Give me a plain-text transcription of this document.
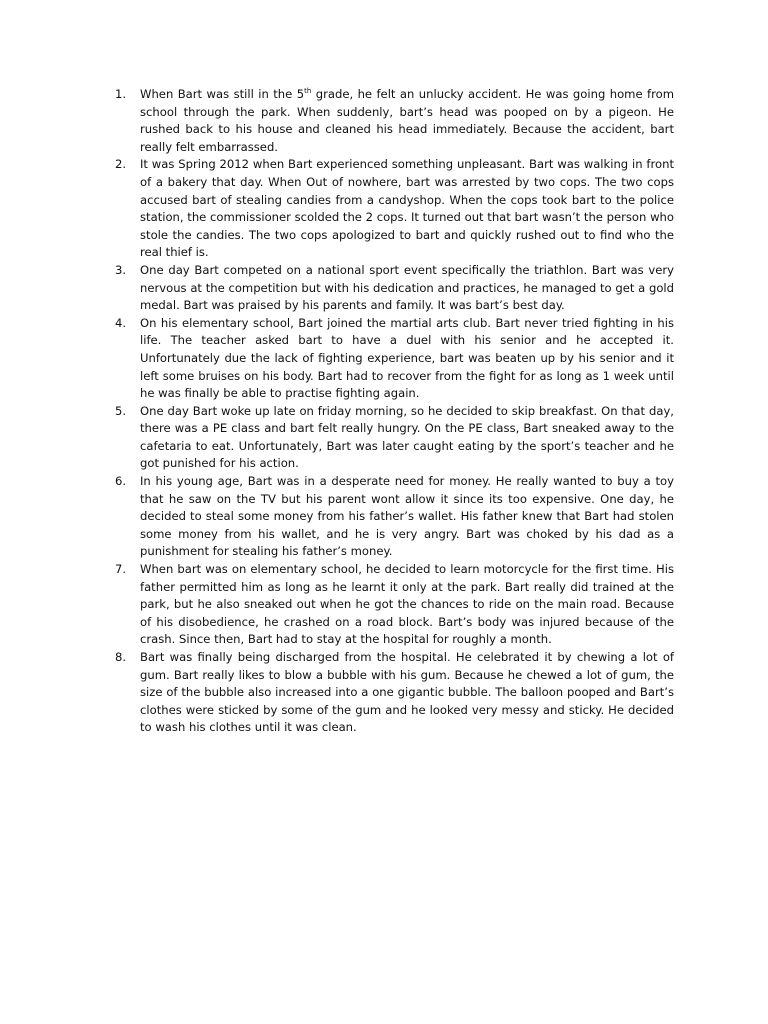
1. When Bart was still in the 5th grade, he felt an unlucky accident. He was going home from school through the park. When suddenly, bart’s head was pooped on by a pigeon. He rushed back to his house and cleaned his head immediately. Because the accident, bart really felt embarrassed.
2. It was Spring 2012 when Bart experienced something unpleasant. Bart was walking in front of a bakery that day. When Out of nowhere, bart was arrested by two cops. The two cops accused bart of stealing candies from a candyshop. When the cops took bart to the police station, the commissioner scolded the 2 cops. It turned out that bart wasn’t the person who stole the candies. The two cops apologized to bart and quickly rushed out to find who the real thief is.
3. One day Bart competed on a national sport event specifically the triathlon. Bart was very nervous at the competition but with his dedication and practices, he managed to get a gold medal. Bart was praised by his parents and family. It was bart’s best day.
4. On his elementary school, Bart joined the martial arts club. Bart never tried fighting in his life. The teacher asked bart to have a duel with his senior and he accepted it. Unfortunately due the lack of fighting experience, bart was beaten up by his senior and it left some bruises on his body. Bart had to recover from the fight for as long as 1 week until he was finally be able to practise fighting again.
5. One day Bart woke up late on friday morning, so he decided to skip breakfast. On that day, there was a PE class and bart felt really hungry. On the PE class, Bart sneaked away to the cafetaria to eat. Unfortunately, Bart was later caught eating by the sport’s teacher and he got punished for his action.
6. In his young age, Bart was in a desperate need for money. He really wanted to buy a toy that he saw on the TV but his parent wont allow it since its too expensive. One day, he decided to steal some money from his father’s wallet. His father knew that Bart had stolen some money from his wallet, and he is very angry. Bart was choked by his dad as a punishment for stealing his father’s money.
7. When bart was on elementary school, he decided to learn motorcycle for the first time. His father permitted him as long as he learnt it only at the park. Bart really did trained at the park, but he also sneaked out when he got the chances to ride on the main road. Because of his disobedience, he crashed on a road block. Bart’s body was injured because of the crash. Since then, Bart had to stay at the hospital for roughly a month.
8. Bart was finally being discharged from the hospital. He celebrated it by chewing a lot of gum. Bart really likes to blow a bubble with his gum. Because he chewed a lot of gum, the size of the bubble also increased into a one gigantic bubble. The balloon pooped and Bart’s clothes were sticked by some of the gum and he looked very messy and sticky. He decided to wash his clothes until it was clean.
